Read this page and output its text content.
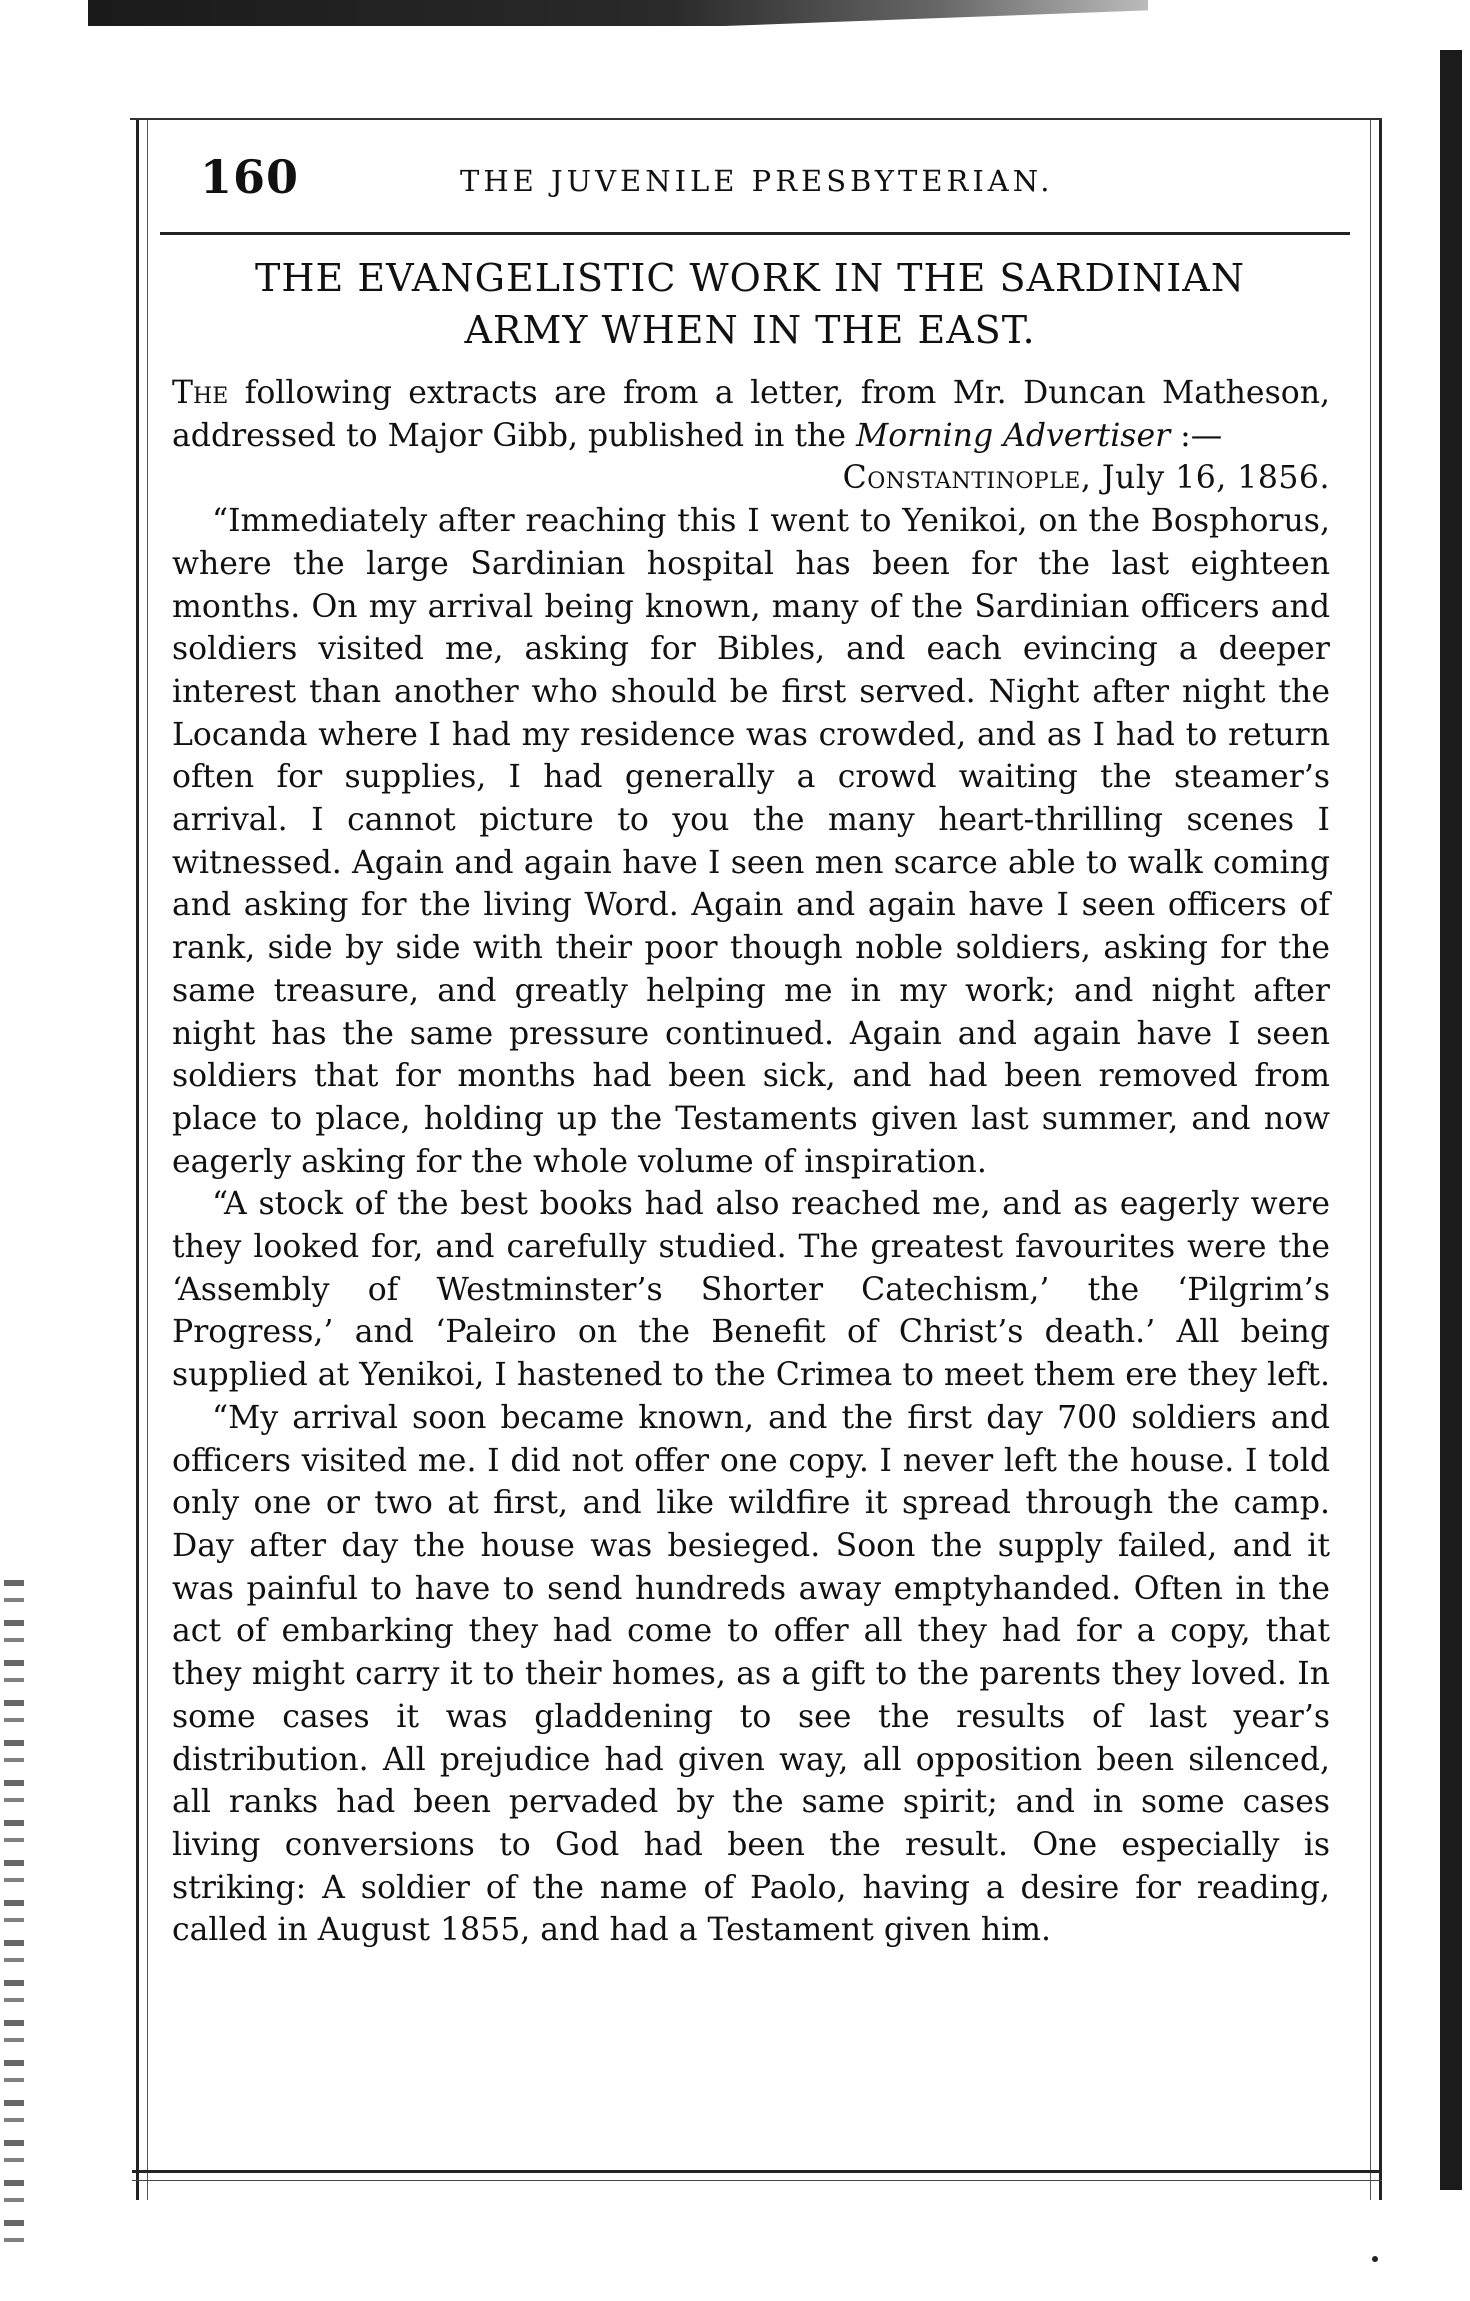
160	THE JUVENILE PRESBYTERIAN.
THE EVANGELISTIC WORK IN THE SARDINIAN
ARMY WHEN IN THE EAST.

The following extracts are from a letter, from Mr. Duncan Matheson, addressed to Major Gibb, published in the Morning Advertiser :—

Constantinople, July 16, 1856.

“Immediately after reaching this I went to Yenikoi, on the Bosphorus, where the large Sardinian hospital has been for the last eighteen months. On my arrival being known, many of the Sardinian officers and soldiers visited me, asking for Bibles, and each evincing a deeper interest than another who should be first served. Night after night the Locanda where I had my residence was crowded, and as I had to return often for supplies, I had generally a crowd waiting the steamer’s arrival. I cannot picture to you the many heart-thrilling scenes I witnessed. Again and again have I seen men scarce able to walk coming and asking for the living Word. Again and again have I seen officers of rank, side by side with their poor though noble soldiers, asking for the same treasure, and greatly helping me in my work; and night after night has the same pressure continued. Again and again have I seen soldiers that for months had been sick, and had been removed from place to place, holding up the Testaments given last summer, and now eagerly asking for the whole volume of inspiration.

“A stock of the best books had also reached me, and as eagerly were they looked for, and carefully studied. The greatest favourites were the ‘Assembly of Westminster’s Shorter Catechism,’ the ‘Pilgrim’s Progress,’ and ‘Paleiro on the Benefit of Christ’s death.’ All being supplied at Yenikoi, I hastened to the Crimea to meet them ere they left.

“My arrival soon became known, and the first day 700 soldiers and officers visited me. I did not offer one copy. I never left the house. I told only one or two at first, and like wildfire it spread through the camp. Day after day the house was besieged. Soon the supply failed, and it was painful to have to send hundreds away emptyhanded. Often in the act of embarking they had come to offer all they had for a copy, that they might carry it to their homes, as a gift to the parents they loved. In some cases it was gladdening to see the results of last year’s distribution. All prejudice had given way, all opposition been silenced, all ranks had been pervaded by the same spirit; and in some cases living conversions to God had been the result. One especially is striking: A soldier of the name of Paolo, having a desire for reading, called in August 1855, and had a Testament given him.
